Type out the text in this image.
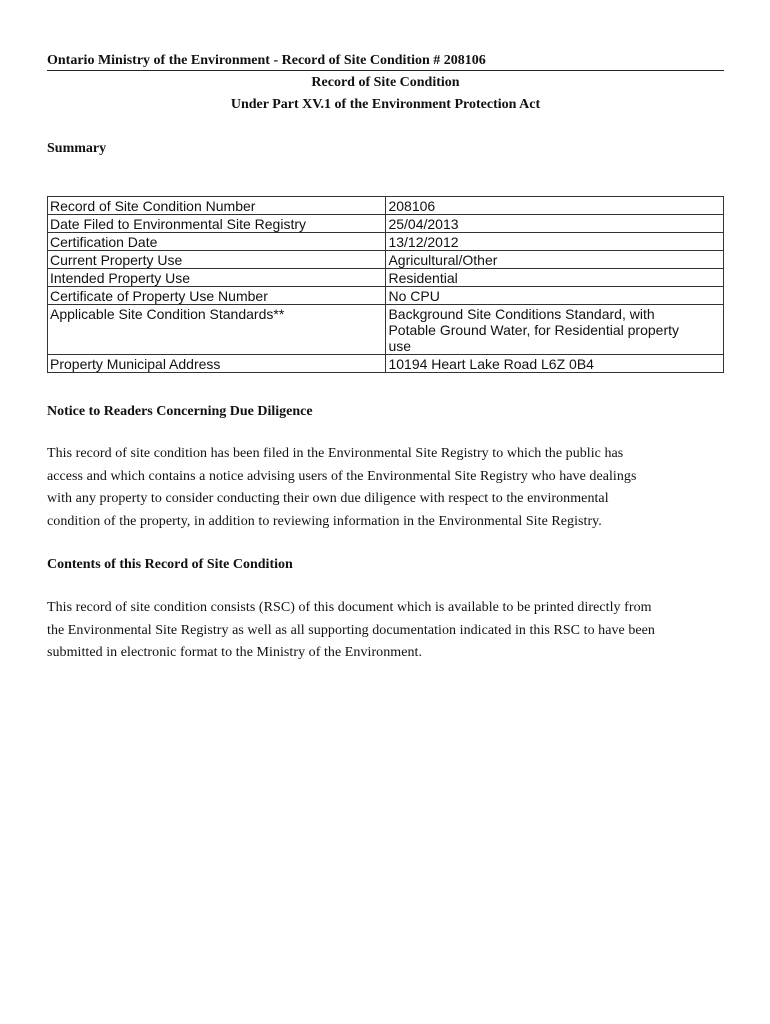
Ontario Ministry of the Environment - Record of Site Condition # 208106
Record of Site Condition
Under Part XV.1 of the Environment Protection Act
Summary
Record of Site Condition Number	208106

Date Filed to Environmental Site Registry	25/04/2013

Certification Date	13/12/2012

Current Property Use	Agricultural/Other

Intended Property Use	Residential

Certificate of Property Use Number	No CPU

Applicable Site Condition Standards**	Background Site Conditions Standard, with
Potable Ground Water, for Residential property
use

Property Municipal Address	10194 Heart Lake Road L6Z 0B4
Notice to Readers Concerning Due Diligence
This record of site condition has been filed in the Environmental Site Registry to which the public has
access and which contains a notice advising users of the Environmental Site Registry who have dealings
with any property to consider conducting their own due diligence with respect to the environmental
condition of the property, in addition to reviewing information in the Environmental Site Registry.
Contents of this Record of Site Condition
This record of site condition consists (RSC) of this document which is available to be printed directly from
the Environmental Site Registry as well as all supporting documentation indicated in this RSC to have been
submitted in electronic format to the Ministry of the Environment.
